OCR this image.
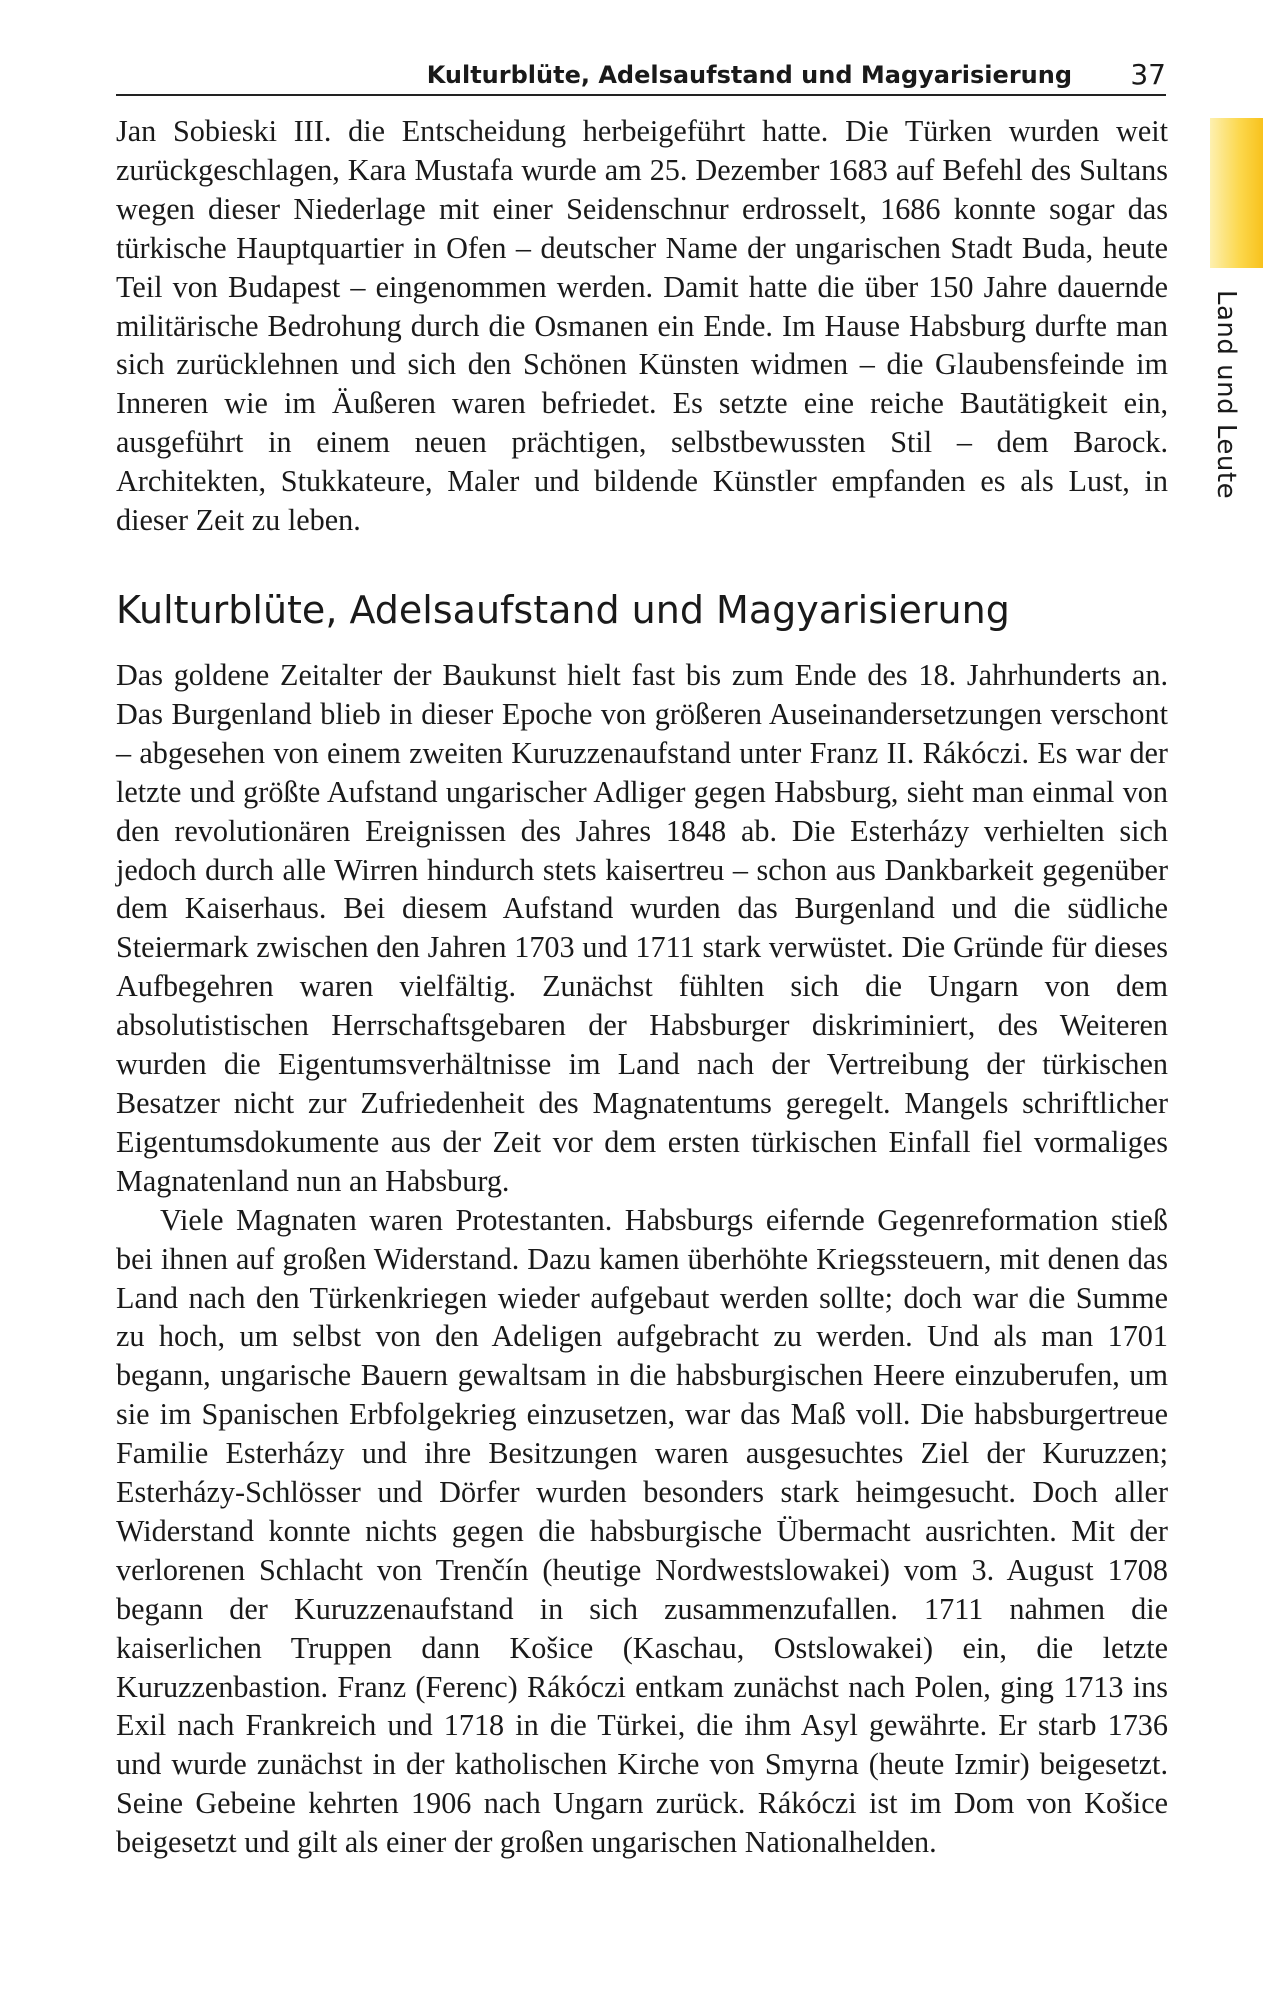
Kulturblüte, Adelsaufstand und Magyarisierung 37
Land und Leute

Jan Sobieski III. die Entscheidung herbeigeführt hatte. Die Türken wurden weit zurückgeschlagen, Kara Mustafa wurde am 25. Dezember 1683 auf Befehl des Sultans wegen dieser Niederlage mit einer Seidenschnur erdrosselt, 1686 konnte sogar das türkische Hauptquartier in Ofen – deutscher Name der ungarischen Stadt Buda, heute Teil von Budapest – eingenommen werden. Damit hatte die über 150 Jahre dauernde militärische Bedrohung durch die Osmanen ein Ende. Im Hause Habsburg durfte man sich zurücklehnen und sich den Schönen Künsten widmen – die Glaubensfeinde im Inneren wie im Äußeren waren befriedet. Es setzte eine reiche Bautätigkeit ein, ausgeführt in einem neuen prächtigen, selbstbewussten Stil – dem Barock. Architekten, Stukkateure, Maler und bildende Künstler empfanden es als Lust, in dieser Zeit zu leben.

Kulturblüte, Adelsaufstand und Magyarisierung

Das goldene Zeitalter der Baukunst hielt fast bis zum Ende des 18. Jahrhunderts an. Das Burgenland blieb in dieser Epoche von größeren Auseinandersetzungen verschont – abgesehen von einem zweiten Kuruzzenaufstand unter Franz II. Rákóczi. Es war der letzte und größte Aufstand ungarischer Adliger gegen Habsburg, sieht man einmal von den revolutionären Ereignissen des Jahres 1848 ab. Die Esterházy verhielten sich jedoch durch alle Wirren hindurch stets kaisertreu – schon aus Dankbarkeit gegenüber dem Kaiserhaus. Bei diesem Aufstand wurden das Burgenland und die südliche Steiermark zwischen den Jahren 1703 und 1711 stark verwüstet. Die Gründe für dieses Aufbegehren waren vielfältig. Zunächst fühlten sich die Ungarn von dem absolutistischen Herrschaftsgebaren der Habsburger diskriminiert, des Weiteren wurden die Eigentumsverhältnisse im Land nach der Vertreibung der türkischen Besatzer nicht zur Zufriedenheit des Magnatentums geregelt. Mangels schriftlicher Eigentumsdokumente aus der Zeit vor dem ersten türkischen Einfall fiel vormaliges Magnatenland nun an Habsburg.

Viele Magnaten waren Protestanten. Habsburgs eifernde Gegenreformation stieß bei ihnen auf großen Widerstand. Dazu kamen überhöhte Kriegssteuern, mit denen das Land nach den Türkenkriegen wieder aufgebaut werden sollte; doch war die Summe zu hoch, um selbst von den Adeligen aufgebracht zu werden. Und als man 1701 begann, ungarische Bauern gewaltsam in die habsburgischen Heere einzuberufen, um sie im Spanischen Erbfolgekrieg einzusetzen, war das Maß voll. Die habsburgertreue Familie Esterházy und ihre Besitzungen waren ausgesuchtes Ziel der Kuruzzen; Esterházy-Schlösser und Dörfer wurden besonders stark heimgesucht. Doch aller Widerstand konnte nichts gegen die habsburgische Übermacht ausrichten. Mit der verlorenen Schlacht von Trenčín (heutige Nordwestslowakei) vom 3. August 1708 begann der Kuruzzenaufstand in sich zusammenzufallen. 1711 nahmen die kaiserlichen Truppen dann Košice (Kaschau, Ostslowakei) ein, die letzte Kuruzzenbastion. Franz (Ferenc) Rákóczi entkam zunächst nach Polen, ging 1713 ins Exil nach Frankreich und 1718 in die Türkei, die ihm Asyl gewährte. Er starb 1736 und wurde zunächst in der katholischen Kirche von Smyrna (heute Izmir) beigesetzt. Seine Gebeine kehrten 1906 nach Ungarn zurück. Rákóczi ist im Dom von Košice beigesetzt und gilt als einer der großen ungarischen Nationalhelden.
